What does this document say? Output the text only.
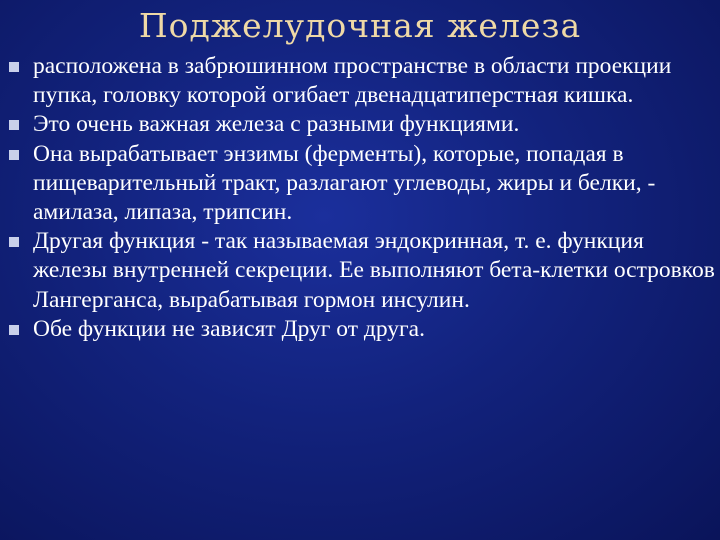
Поджелудочная железа
расположена в забрюшинном пространстве в области проекции пупка, головку которой огибает двенадцатиперстная кишка.
Это очень важная железа с разными функциями.
Она вырабатывает энзимы (ферменты), которые, попадая в пищеварительный тракт, разлагают углеводы, жиры и белки, - амилаза, липаза, трипсин.
Другая функция - так называемая эндокринная, т. е. функция железы внутренней секреции. Ее выполняют бета-клетки островков Лангерганса, вырабатывая гормон инсулин.
Обе функции не зависят Друг от друга.
